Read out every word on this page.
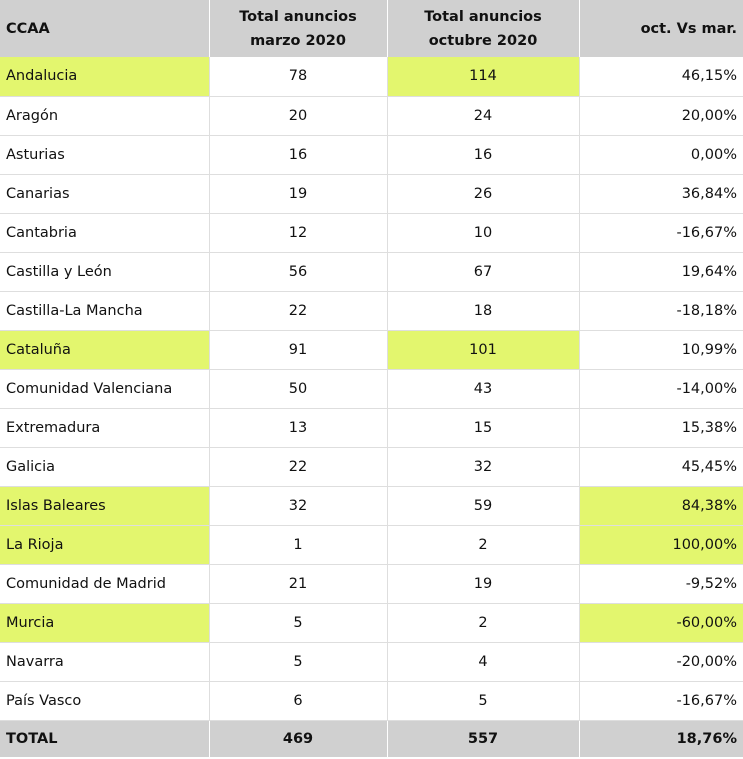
CCAA	Total anuncios marzo 2020	Total anuncios octubre 2020	oct. Vs mar.
Andalucia	78	114	46,15%
Aragón	20	24	20,00%
Asturias	16	16	0,00%
Canarias	19	26	36,84%
Cantabria	12	10	-16,67%
Castilla y León	56	67	19,64%
Castilla-La Mancha	22	18	-18,18%
Cataluña	91	101	10,99%
Comunidad Valenciana	50	43	-14,00%
Extremadura	13	15	15,38%
Galicia	22	32	45,45%
Islas Baleares	32	59	84,38%
La Rioja	1	2	100,00%
Comunidad de Madrid	21	19	-9,52%
Murcia	5	2	-60,00%
Navarra	5	4	-20,00%
País Vasco	6	5	-16,67%
TOTAL	469	557	18,76%
